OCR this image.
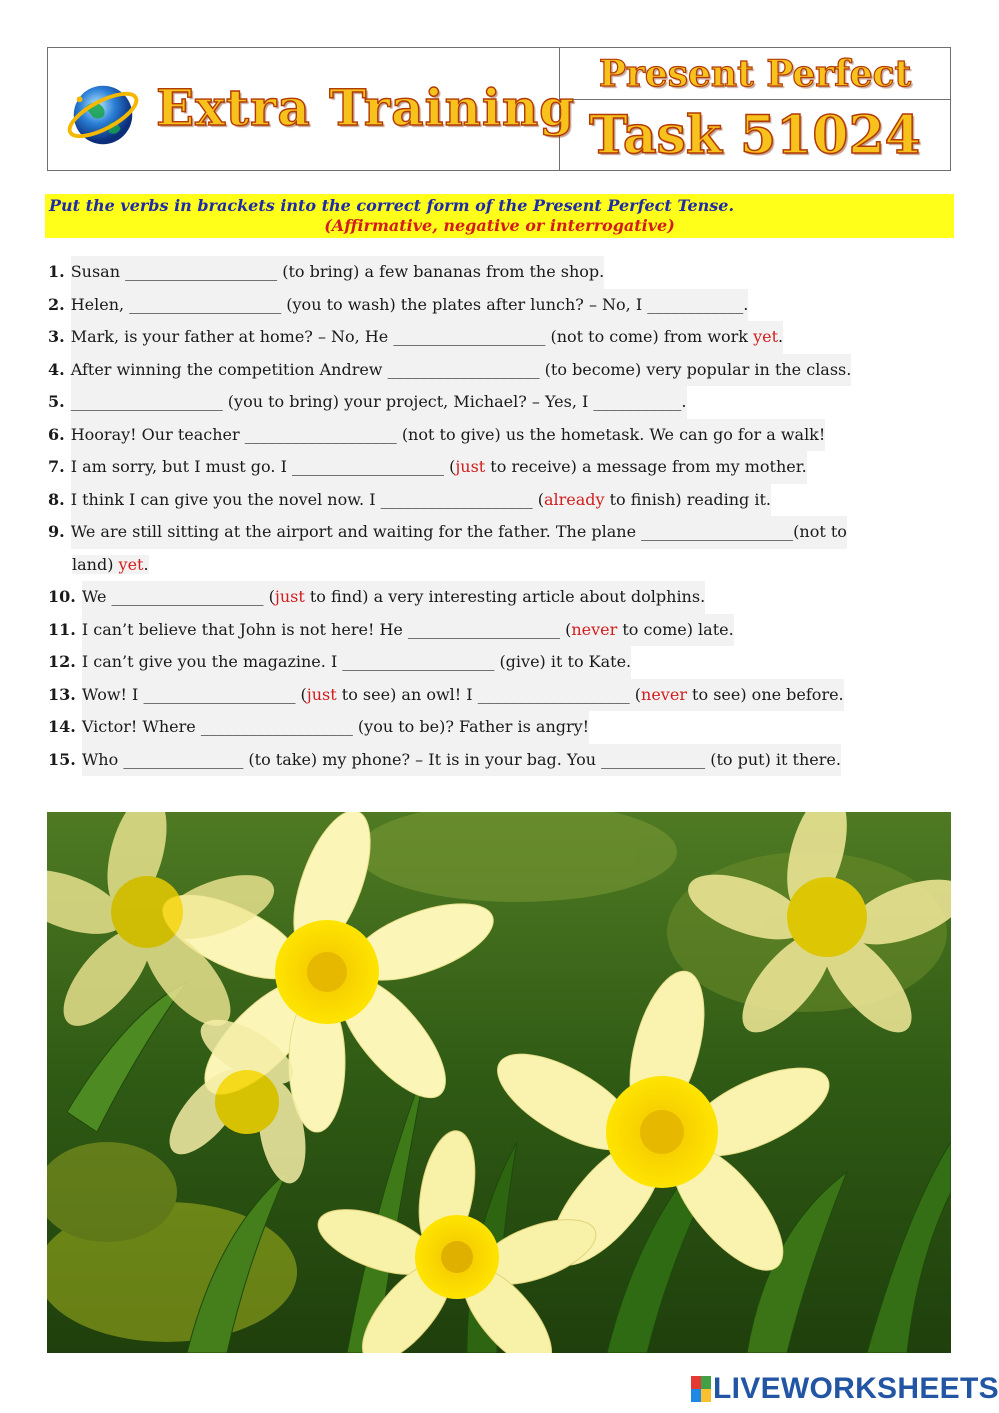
Extra Training
Present Perfect
Task 51024
Put the verbs in brackets into the correct form of the Present Perfect Tense.
(Affirmative, negative or interrogative)
1. Susan ___________________ (to bring) a few bananas from the shop.
2. Helen, ___________________ (you to wash) the plates after lunch? – No, I ____________.
3. Mark, is your father at home? – No, He ___________________ (not to come) from work yet.
4. After winning the competition Andrew ___________________ (to become) very popular in the class.
5. ___________________ (you to bring) your project, Michael? – Yes, I ___________.
6. Hooray! Our teacher ___________________ (not to give) us the hometask. We can go for a walk!
7. I am sorry, but I must go. I ___________________ (just to receive) a message from my mother.
8. I think I can give you the novel now. I ___________________ (already to finish) reading it.
9. We are still sitting at the airport and waiting for the father. The plane ___________________(not to
land) yet.
10. We ___________________ (just to find) a very interesting article about dolphins.
11. I can’t believe that John is not here! He ___________________ (never to come) late.
12. I can’t give you the magazine. I ___________________ (give) it to Kate.
13. Wow! I ___________________ (just to see) an owl! I ___________________ (never to see) one before.
14. Victor! Where ___________________ (you to be)? Father is angry!
15. Who _______________ (to take) my phone? – It is in your bag. You _____________ (to put) it there.
LIVEWORKSHEETS
